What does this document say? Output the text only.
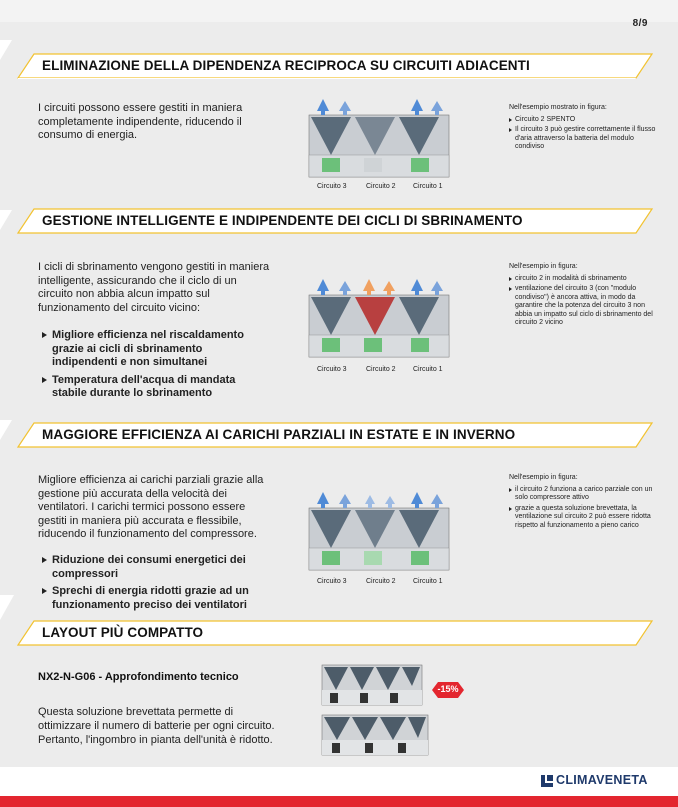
8/9
ELIMINAZIONE DELLA DIPENDENZA RECIPROCA SU CIRCUITI ADIACENTI
I circuiti possono essere gestiti in maniera completamente indipendente, riducendo il consumo di energia.
Circuito 3	Circuito 2 Circuito 1
Nell'esempio mostrato in figura:
Circuito 2 SPENTO
Il circuito 3 può gestire correttamente il flusso d'aria attraverso la batteria del modulo condiviso
GESTIONE INTELLIGENTE E INDIPENDENTE DEI CICLI DI SBRINAMENTO
I cicli di sbrinamento vengono gestiti in maniera intelligente, assicurando che il ciclo di un circuito non abbia alcun impatto sul funzionamento del circuito vicino:
Migliore efficienza nel riscaldamento grazie ai cicli di sbrinamento indipendenti e non simultanei
Temperatura dell'acqua di mandata stabile durante lo sbrinamento
Circuito 3	Circuito 2 Circuito 1
Nell'esempio in figura:
circuito 2 in modalità di sbrinamento
ventilazione del circuito 3 (con "modulo condiviso") è ancora attiva, in modo da garantire che la potenza del circuito 3 non abbia un impatto sul ciclo di sbrinamento del circuito 2 vicino
MAGGIORE EFFICIENZA AI CARICHI PARZIALI IN ESTATE E IN INVERNO
Migliore efficienza ai carichi parziali grazie alla gestione più accurata della velocità dei ventilatori. I carichi termici possono essere gestiti in maniera più accurata e flessibile, riducendo il funzionamento del compressore.
Riduzione dei consumi energetici dei compressori
Sprechi di energia ridotti grazie ad un funzionamento preciso dei ventilatori
Circuito 3	Circuito 2 Circuito 1
Nell'esempio in figura:
il circuito 2 funziona a carico parziale con un solo compressore attivo
grazie a questa soluzione brevettata, la ventilazione sul circuito 2 può essere ridotta rispetto al funzionamento a pieno carico
LAYOUT PIÙ COMPATTO
NX2-N-G06 - Approfondimento tecnico
Questa soluzione brevettata permette di ottimizzare il numero di batterie per ogni circuito. Pertanto, l'ingombro in pianta dell'unità è ridotto.
-15%
CLIMAVENETA
